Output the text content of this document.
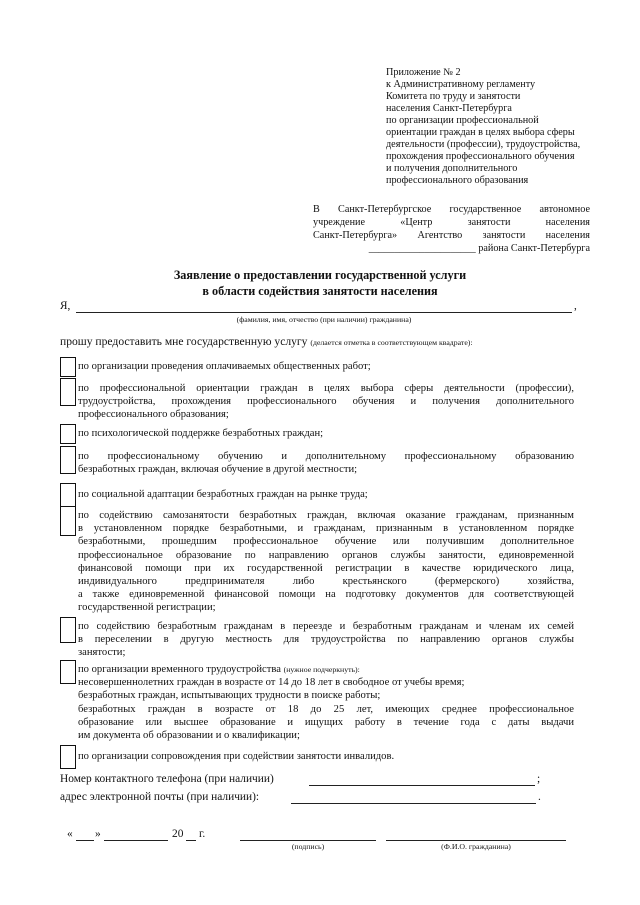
Приложение № 2
к Административному регламенту
Комитета по труду и занятости
населения Санкт-Петербурга
по организации профессиональной
ориентации граждан в целях выбора сферы
деятельности (профессии), трудоустройства,
прохождения профессионального обучения
и получения дополнительного
профессионального образования
В Санкт-Петербургское государственное автономное
учреждение «Центр занятости населения
Санкт-Петербурга» Агентство занятости населения
_____________________ района Санкт-Петербурга
Заявление о предоставлении государственной услуги
в области содействия занятости населения
Я,	,
(фамилия, имя, отчество (при наличии) гражданина)
прошу предоставить мне государственную услугу (делается отметка в соответствующем квадрате):
по организации проведения оплачиваемых общественных работ;
по профессиональной ориентации граждан в целях выбора сферы деятельности (профессии),
трудоустройства, прохождения профессионального обучения и получения дополнительного
профессионального образования;
по психологической поддержке безработных граждан;
по профессиональному обучению и дополнительному профессиональному образованию
безработных граждан, включая обучение в другой местности;
по социальной адаптации безработных граждан на рынке труда;
по содействию самозанятости безработных граждан, включая оказание гражданам, признанным
в установленном порядке безработными, и гражданам, признанным в установленном порядке
безработными, прошедшим профессиональное обучение или получившим дополнительное
профессиональное образование по направлению органов службы занятости, единовременной
финансовой помощи при их государственной регистрации в качестве юридического лица,
индивидуального предпринимателя либо крестьянского (фермерского) хозяйства,
а также единовременной финансовой помощи на подготовку документов для соответствующей
государственной регистрации;
по содействию безработным гражданам в переезде и безработным гражданам и членам их семей
в переселении в другую местность для трудоустройства по направлению органов службы
занятости;
по организации временного трудоустройства (нужное подчеркнуть):
несовершеннолетних граждан в возрасте от 14 до 18 лет в свободное от учебы время;
безработных граждан, испытывающих трудности в поиске работы;
безработных граждан в возрасте от 18 до 25 лет, имеющих среднее профессиональное
образование или высшее образование и ищущих работу в течение года с даты выдачи
им документа об образовании и о квалификации;
по организации сопровождения при содействии занятости инвалидов.
Номер контактного телефона (при наличии)	;
адрес электронной почты (при наличии):	.
« »	20 г.
(подпись)	(Ф.И.О. гражданина)
